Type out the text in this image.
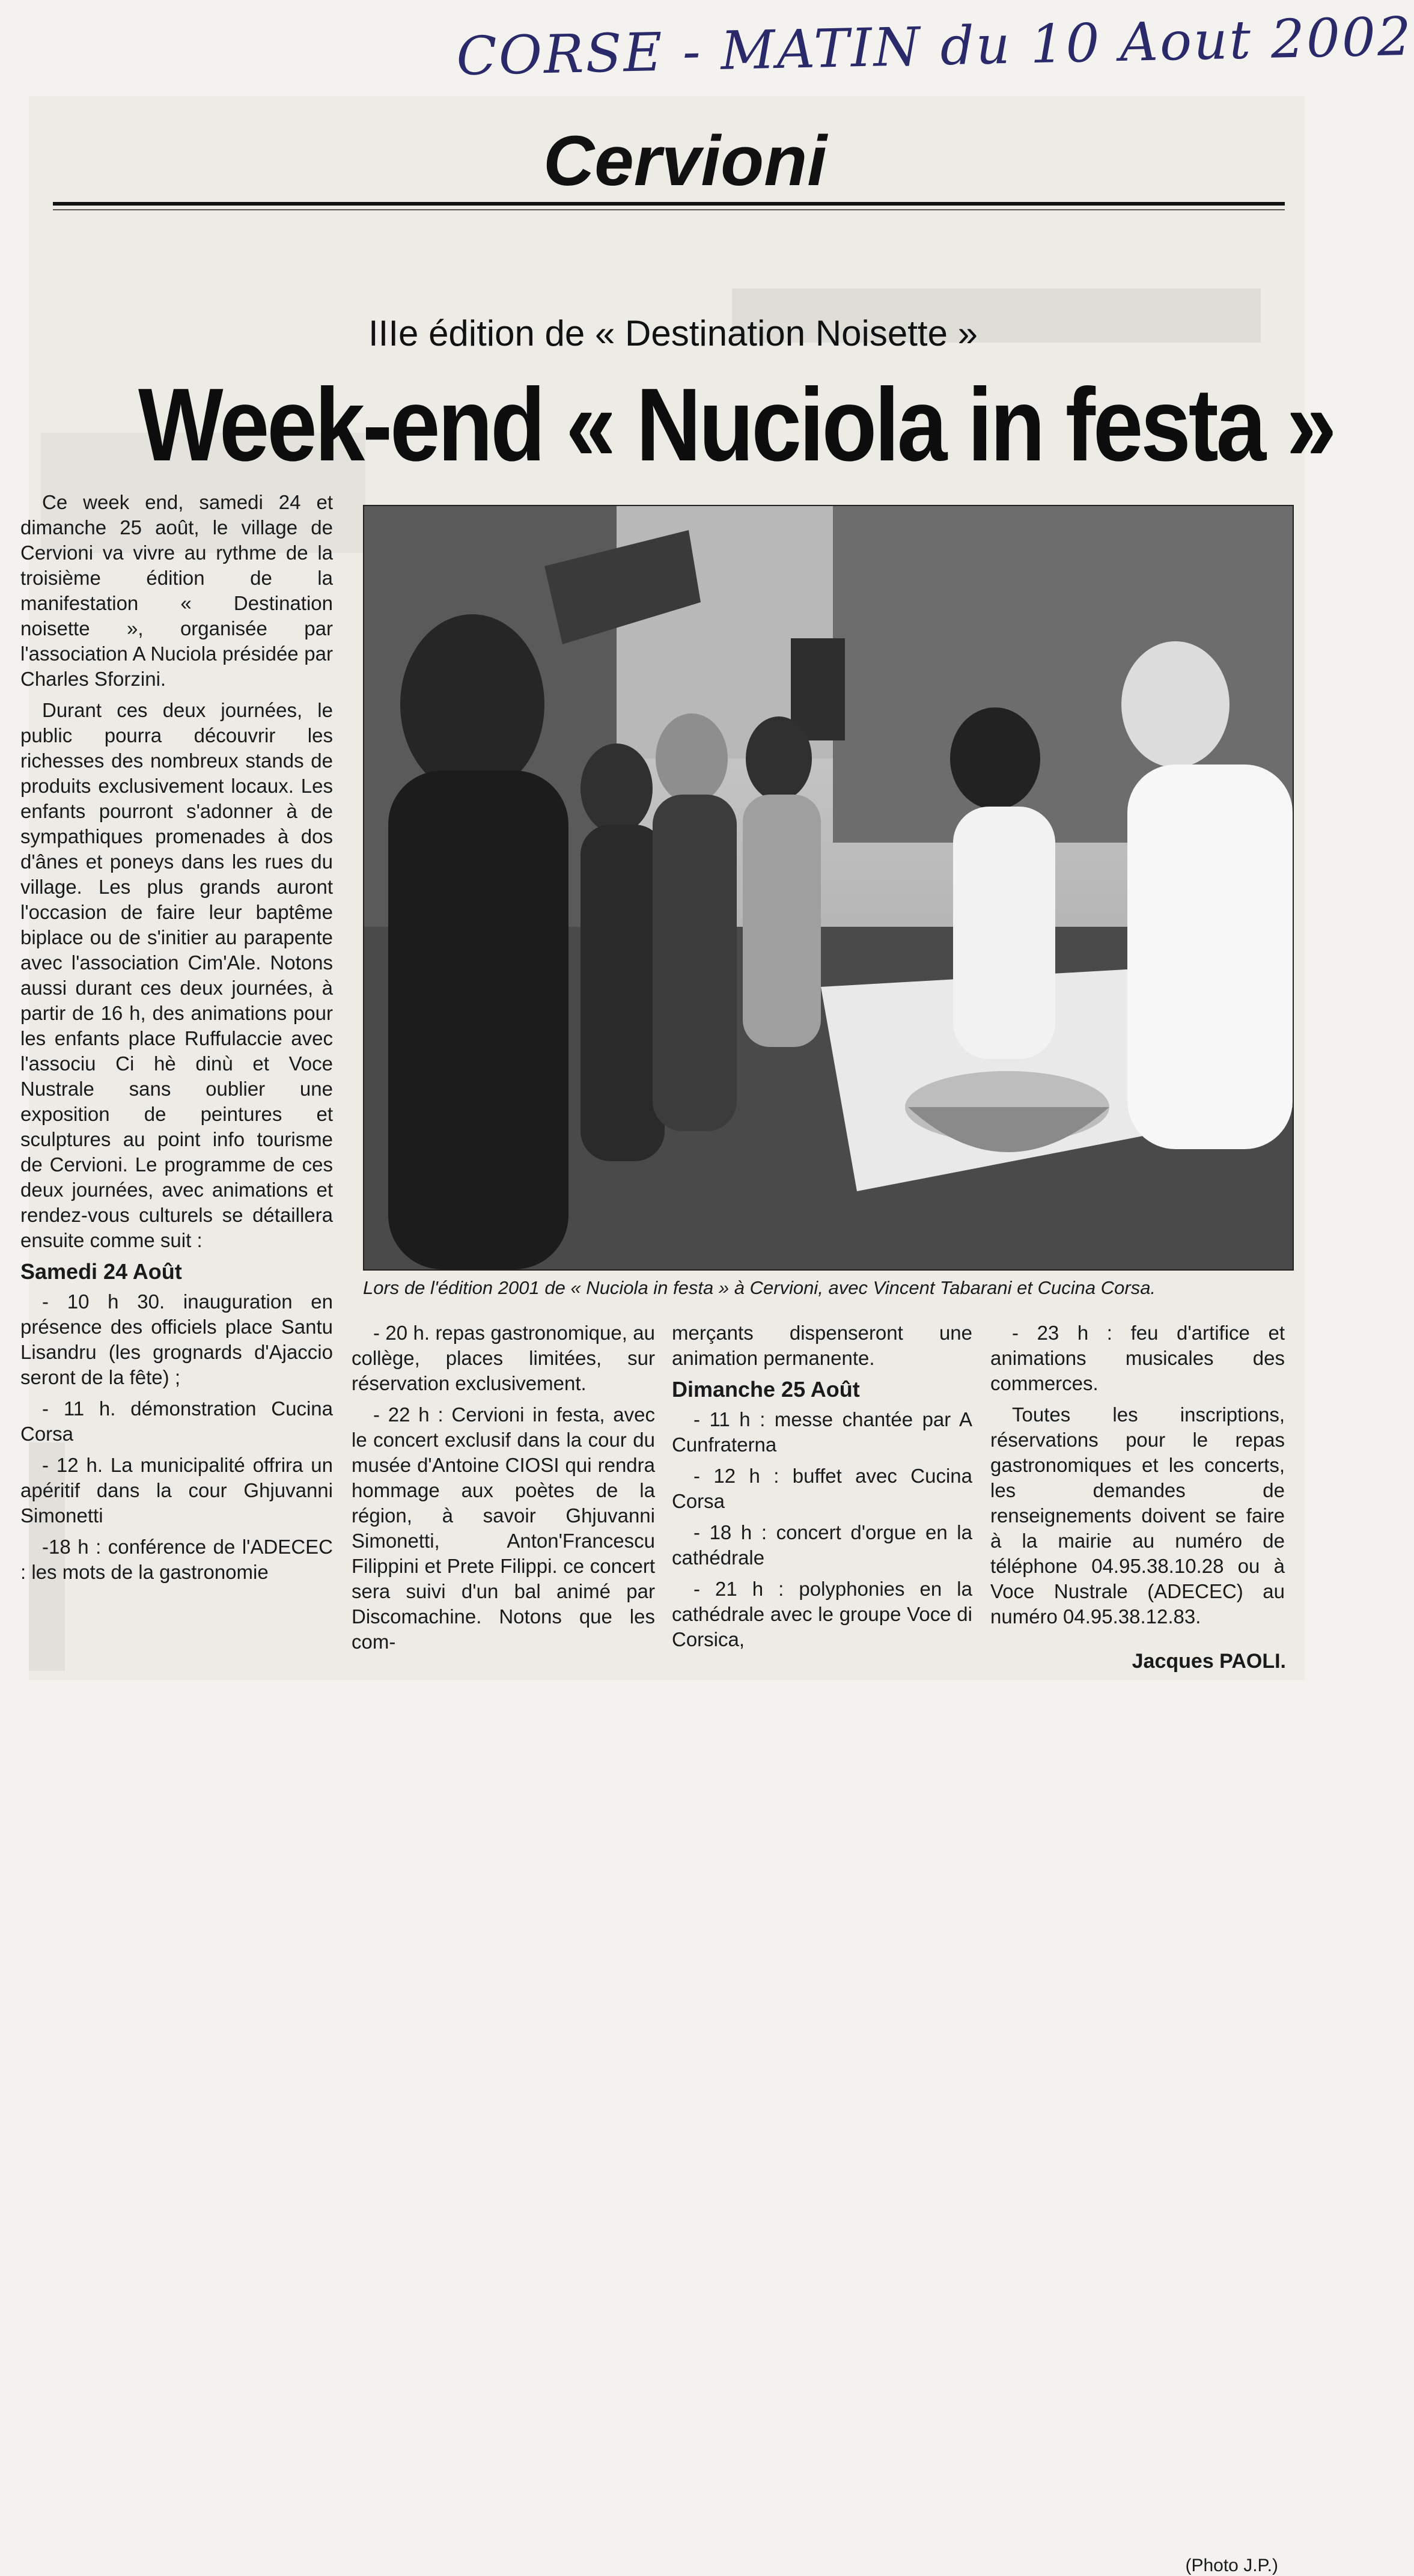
CORSE - MATIN du 10 Aout 2002
Cervioni
IIIe édition de « Destination Noisette »
Week-end « Nuciola in festa »

Ce week end, samedi 24 et dimanche 25 août, le village de Cervioni va vivre au rythme de la troisième édition de la manifestation « Destination noisette », organisée par l'association A Nuciola présidée par Charles Sforzini.

Durant ces deux journées, le public pourra découvrir les richesses des nombreux stands de produits exclusivement locaux. Les enfants pourront s'adonner à de sympathiques promenades à dos d'ânes et poneys dans les rues du village. Les plus grands auront l'occasion de faire leur baptême biplace ou de s'initier au parapente avec l'association Cim'Ale. Notons aussi durant ces deux journées, à partir de 16 h, des animations pour les enfants place Ruffulaccie avec l'associu Ci hè dinù et Voce Nustrale sans oublier une exposition de peintures et sculptures au point info tourisme de Cervioni. Le programme de ces deux journées, avec animations et rendez-vous culturels se détaillera ensuite comme suit :

Samedi 24 Août

- 10 h 30. inauguration en présence des officiels place Santu Lisandru (les grognards d'Ajaccio seront de la fête) ;

- 11 h. démonstration Cucina Corsa

- 12 h. La municipalité offrira un apéritif dans la cour Ghjuvanni Simonetti

-18 h : conférence de l'ADECEC : les mots de la gastronomie

Lors de l'édition 2001 de « Nuciola in festa » à Cervioni, avec Vincent Tabarani et Cucina Corsa.
(Photo J.P.)

- 20 h. repas gastronomique, au collège, places limitées, sur réservation exclusivement.

- 22 h : Cervioni in festa, avec le concert exclusif dans la cour du musée d'Antoine CIOSI qui rendra hommage aux poètes de la région, à savoir Ghjuvanni Simonetti, Anton'Francescu Filippini et Prete Filippi. ce concert sera suivi d'un bal animé par Discomachine. Notons que les com-

merçants dispenseront une animation permanente.

Dimanche 25 Août

- 11 h : messe chantée par A Cunfraterna

- 12 h : buffet avec Cucina Corsa

- 18 h : concert d'orgue en la cathédrale

- 21 h : polyphonies en la cathédrale avec le groupe Voce di Corsica,

- 23 h : feu d'artifice et animations musicales des commerces.

Toutes les inscriptions, réservations pour le repas gastronomiques et les concerts, les demandes de renseignements doivent se faire à la mairie au numéro de téléphone 04.95.38.10.28 ou à Voce Nustrale (ADECEC) au numéro 04.95.38.12.83.

Jacques PAOLI.
